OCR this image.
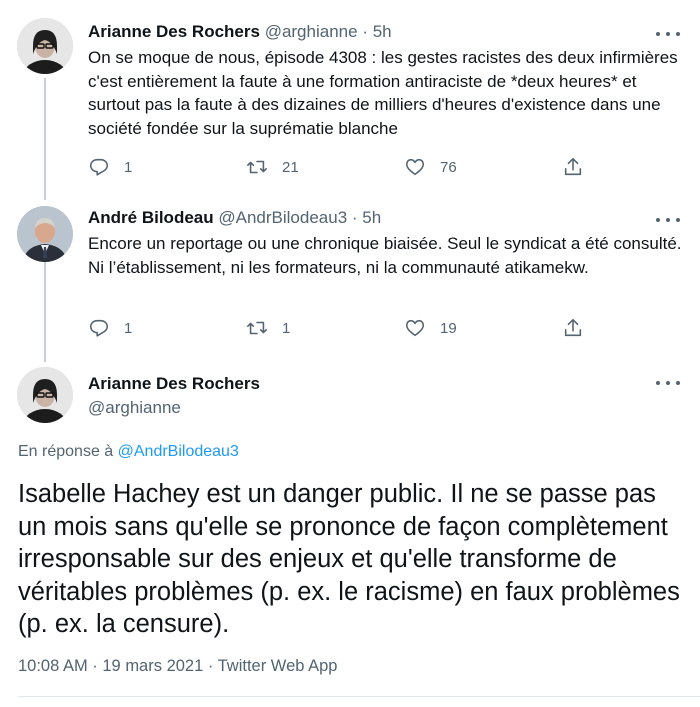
Arianne Des Rochers @arghianne · 5h
On se moque de nous, épisode 4308 : les gestes racistes des deux infirmières c'est entièrement la faute à une formation antiraciste de *deux heures* et surtout pas la faute à des dizaines de milliers d'heures d'existence dans une société fondée sur la suprématie blanche
1	21	76
André Bilodeau @AndrBilodeau3 · 5h
Encore un reportage ou une chronique biaisée. Seul le syndicat a été consulté. Ni l’établissement, ni les formateurs, ni la communauté atikamekw.
1	1	19
Arianne Des Rochers
@arghianne
En réponse à @AndrBilodeau3
Isabelle Hachey est un danger public. Il ne se passe pas un mois sans qu'elle se prononce de façon complètement irresponsable sur des enjeux et qu'elle transforme de véritables problèmes (p. ex. le racisme) en faux problèmes (p. ex. la censure).
10:08 AM · 19 mars 2021 · Twitter Web App
